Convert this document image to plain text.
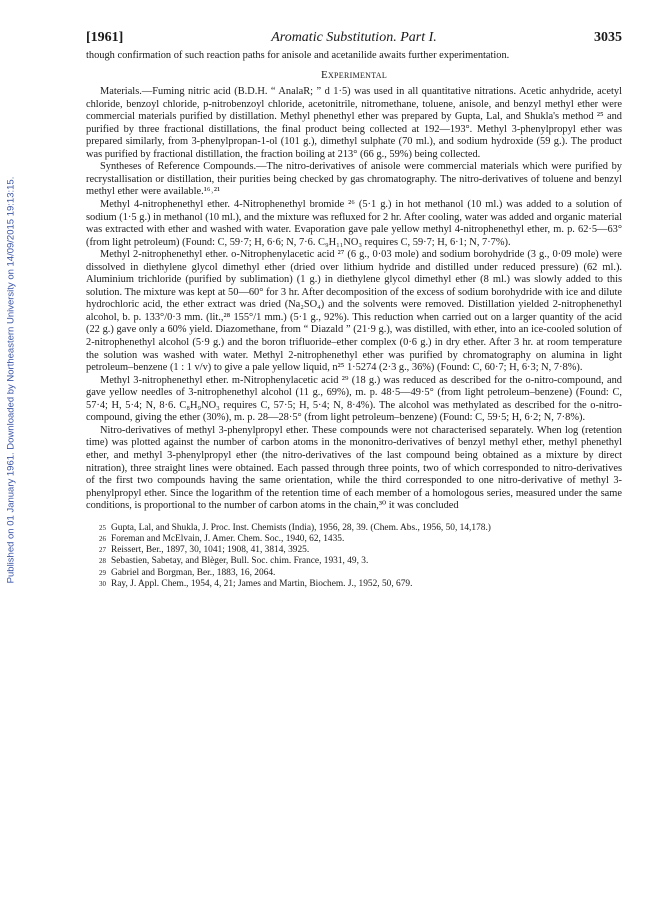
Published on 01 January 1961. Downloaded by Northeastern University on 14/09/2015 19:13:15.
[1961]	Aromatic Substitution. Part I.	3035

though confirmation of such reaction paths for anisole and acetanilide awaits further experimentation.

Experimental

Materials.—Fuming nitric acid (B.D.H. “ AnalaR; ” d 1·5) was used in all quantitative nitrations. Acetic anhydride, acetyl chloride, benzoyl chloride, p-nitrobenzoyl chloride, acetonitrile, nitromethane, toluene, anisole, and benzyl methyl ether were commercial materials purified by distillation. Methyl phenethyl ether was prepared by Gupta, Lal, and Shukla's method ²⁵ and purified by three fractional distillations, the final product being collected at 192—193°. Methyl 3-phenylpropyl ether was prepared similarly, from 3-phenylpropan-1-ol (101 g.), dimethyl sulphate (70 ml.), and sodium hydroxide (59 g.). The product was purified by fractional distillation, the fraction boiling at 213° (66 g., 59%) being collected.

Syntheses of Reference Compounds.—The nitro-derivatives of anisole were commercial materials which were purified by recrystallisation or distillation, their purities being checked by gas chromatography. The nitro-derivatives of toluene and benzyl methyl ether were available.¹⁶˒²¹

Methyl 4-nitrophenethyl ether. 4-Nitrophenethyl bromide ²⁶ (5·1 g.) in hot methanol (10 ml.) was added to a solution of sodium (1·5 g.) in methanol (10 ml.), and the mixture was refluxed for 2 hr. After cooling, water was added and organic material was extracted with ether and washed with water. Evaporation gave pale yellow methyl 4-nitrophenethyl ether, m. p. 62·5—63° (from light petroleum) (Found: C, 59·7; H, 6·6; N, 7·6. C₉H₁₁NO₃ requires C, 59·7; H, 6·1; N, 7·7%).

Methyl 2-nitrophenethyl ether. o-Nitrophenylacetic acid ²⁷ (6 g., 0·03 mole) and sodium borohydride (3 g., 0·09 mole) were dissolved in diethylene glycol dimethyl ether (dried over lithium hydride and distilled under reduced pressure) (62 ml.). Aluminium trichloride (purified by sublimation) (1 g.) in diethylene glycol dimethyl ether (8 ml.) was slowly added to this solution. The mixture was kept at 50—60° for 3 hr. After decomposition of the excess of sodium borohydride with ice and dilute hydrochloric acid, the ether extract was dried (Na₂SO₄) and the solvents were removed. Distillation yielded 2-nitrophenethyl alcohol, b. p. 133°/0·3 mm. (lit.,²⁸ 155°/1 mm.) (5·1 g., 92%). This reduction when carried out on a larger quantity of the acid (22 g.) gave only a 60% yield. Diazomethane, from “ Diazald ” (21·9 g.), was distilled, with ether, into an ice-cooled solution of 2-nitrophenethyl alcohol (5·9 g.) and the boron trifluoride–ether complex (0·6 g.) in dry ether. After 3 hr. at room temperature the solution was washed with water. Methyl 2-nitrophenethyl ether was purified by chromatography on alumina in light petroleum–benzene (1 : 1 v/v) to give a pale yellow liquid, n²⁵ 1·5274 (2·3 g., 36%) (Found: C, 60·7; H, 6·3; N, 7·8%).

Methyl 3-nitrophenethyl ether. m-Nitrophenylacetic acid ²⁹ (18 g.) was reduced as described for the o-nitro-compound, and gave yellow needles of 3-nitrophenethyl alcohol (11 g., 69%), m. p. 48·5—49·5° (from light petroleum–benzene) (Found: C, 57·4; H, 5·4; N, 8·6. C₈H₉NO₃ requires C, 57·5; H, 5·4; N, 8·4%). The alcohol was methylated as described for the o-nitro-compound, giving the ether (30%), m. p. 28—28·5° (from light petroleum–benzene) (Found: C, 59·5; H, 6·2; N, 7·8%).

Nitro-derivatives of methyl 3-phenylpropyl ether. These compounds were not characterised separately. When log (retention time) was plotted against the number of carbon atoms in the mononitro-derivatives of benzyl methyl ether, methyl phenethyl ether, and methyl 3-phenylpropyl ether (the nitro-derivatives of the last compound being obtained as a mixture by direct nitration), three straight lines were obtained. Each passed through three points, two of which corresponded to nitro-derivatives of the first two compounds having the same orientation, while the third corresponded to one nitro-derivative of methyl 3-phenylpropyl ether. Since the logarithm of the retention time of each member of a homologous series, measured under the same conditions, is proportional to the number of carbon atoms in the chain,³⁰ it was concluded

25 Gupta, Lal, and Shukla, J. Proc. Inst. Chemists (India), 1956, 28, 39. (Chem. Abs., 1956, 50, 14,178.)
26 Foreman and McElvain, J. Amer. Chem. Soc., 1940, 62, 1435.
27 Reissert, Ber., 1897, 30, 1041; 1908, 41, 3814, 3925.
28 Sebastien, Sabetay, and Blèger, Bull. Soc. chim. France, 1931, 49, 3.
29 Gabriel and Borgman, Ber., 1883, 16, 2064.
30 Ray, J. Appl. Chem., 1954, 4, 21; James and Martin, Biochem. J., 1952, 50, 679.
